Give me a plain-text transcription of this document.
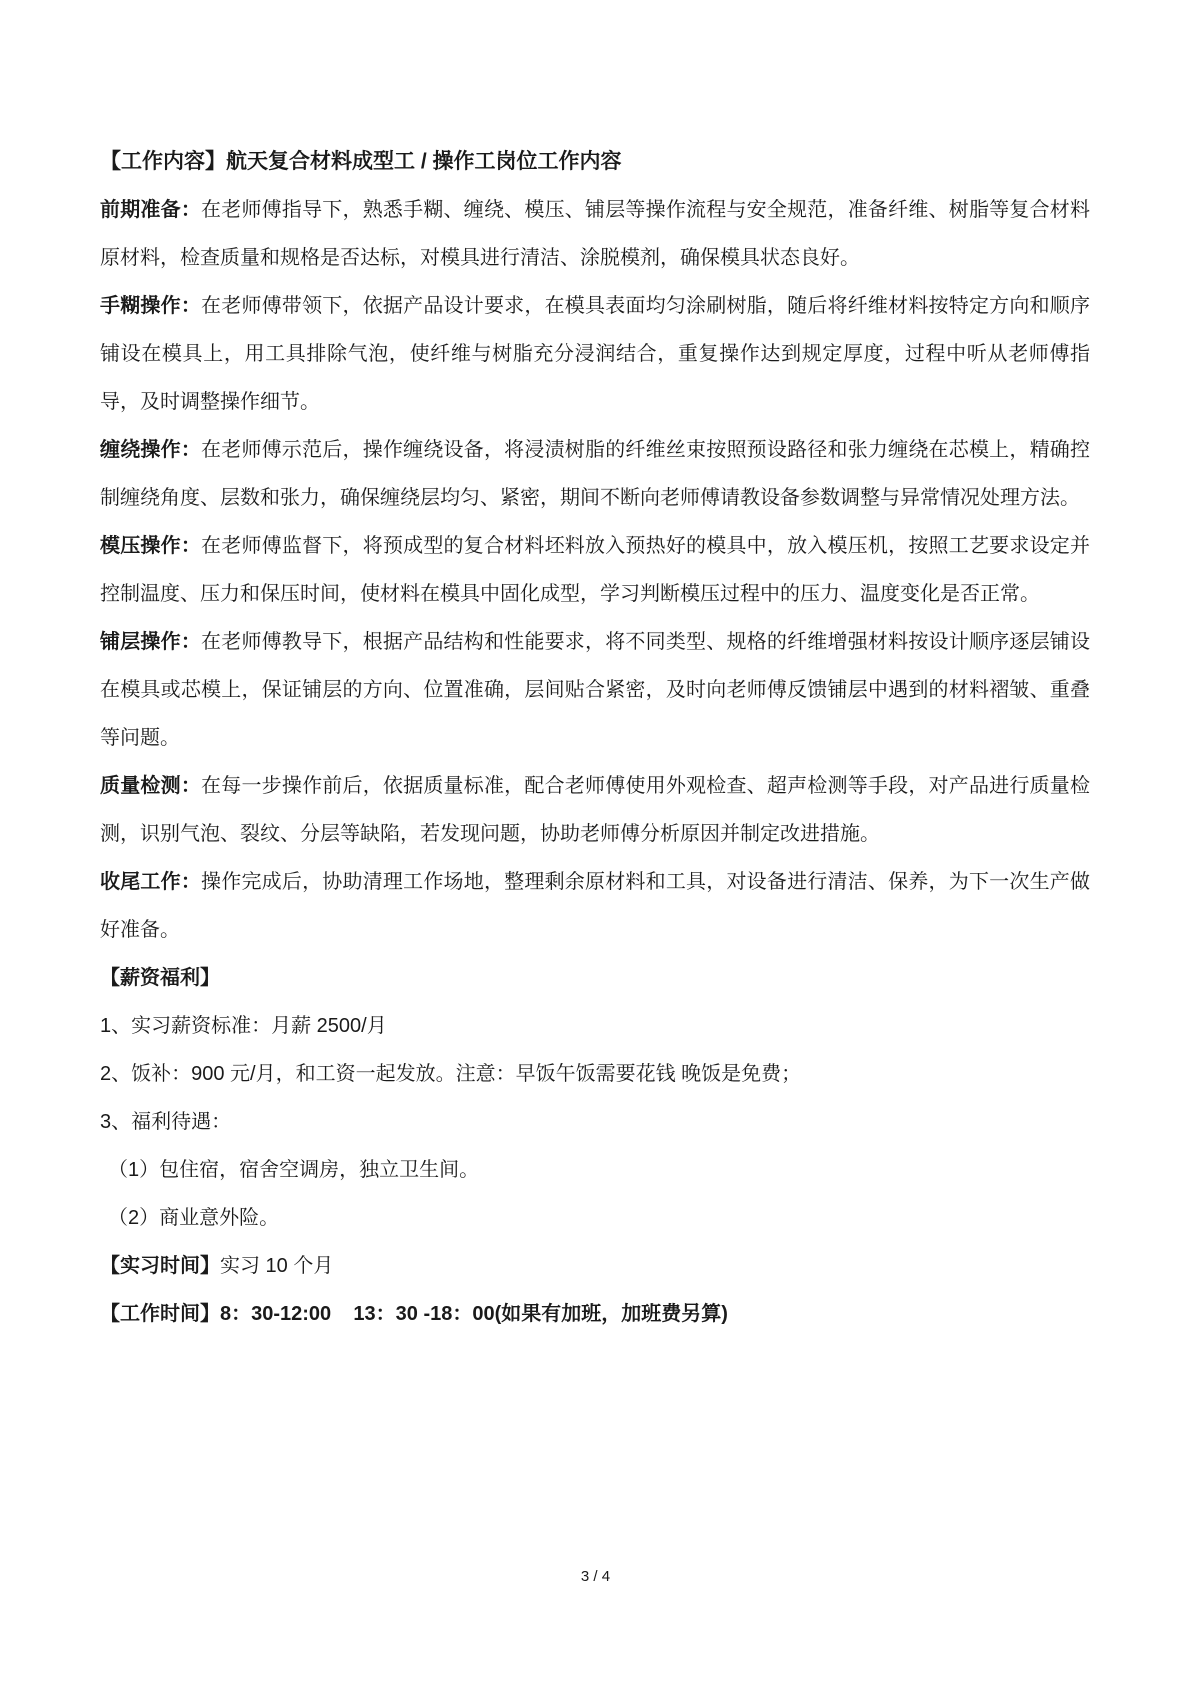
【工作内容】航天复合材料成型工 / 操作工岗位工作内容

前期准备：在老师傅指导下，熟悉手糊、缠绕、模压、铺层等操作流程与安全规范，准备纤维、树脂等复合材料原材料，检查质量和规格是否达标，对模具进行清洁、涂脱模剂，确保模具状态良好。

手糊操作：在老师傅带领下，依据产品设计要求，在模具表面均匀涂刷树脂，随后将纤维材料按特定方向和顺序铺设在模具上，用工具排除气泡，使纤维与树脂充分浸润结合，重复操作达到规定厚度，过程中听从老师傅指导，及时调整操作细节。

缠绕操作：在老师傅示范后，操作缠绕设备，将浸渍树脂的纤维丝束按照预设路径和张力缠绕在芯模上，精确控制缠绕角度、层数和张力，确保缠绕层均匀、紧密，期间不断向老师傅请教设备参数调整与异常情况处理方法。

模压操作：在老师傅监督下，将预成型的复合材料坯料放入预热好的模具中，放入模压机，按照工艺要求设定并控制温度、压力和保压时间，使材料在模具中固化成型，学习判断模压过程中的压力、温度变化是否正常。

铺层操作：在老师傅教导下，根据产品结构和性能要求，将不同类型、规格的纤维增强材料按设计顺序逐层铺设在模具或芯模上，保证铺层的方向、位置准确，层间贴合紧密，及时向老师傅反馈铺层中遇到的材料褶皱、重叠等问题。

质量检测：在每一步操作前后，依据质量标准，配合老师傅使用外观检查、超声检测等手段，对产品进行质量检测，识别气泡、裂纹、分层等缺陷，若发现问题，协助老师傅分析原因并制定改进措施。

收尾工作：操作完成后，协助清理工作场地，整理剩余原材料和工具，对设备进行清洁、保养，为下一次生产做好准备。

【薪资福利】

1、实习薪资标准：月薪 2500/月

2、饭补：900 元/月，和工资一起发放。注意：早饭午饭需要花钱 晚饭是免费；

3、福利待遇：

（1）包住宿，宿舍空调房，独立卫生间。

（2）商业意外险。

【实习时间】实习 10 个月

【工作时间】8：30-12:00    13：30 -18：00(如果有加班，加班费另算)

3 / 4
